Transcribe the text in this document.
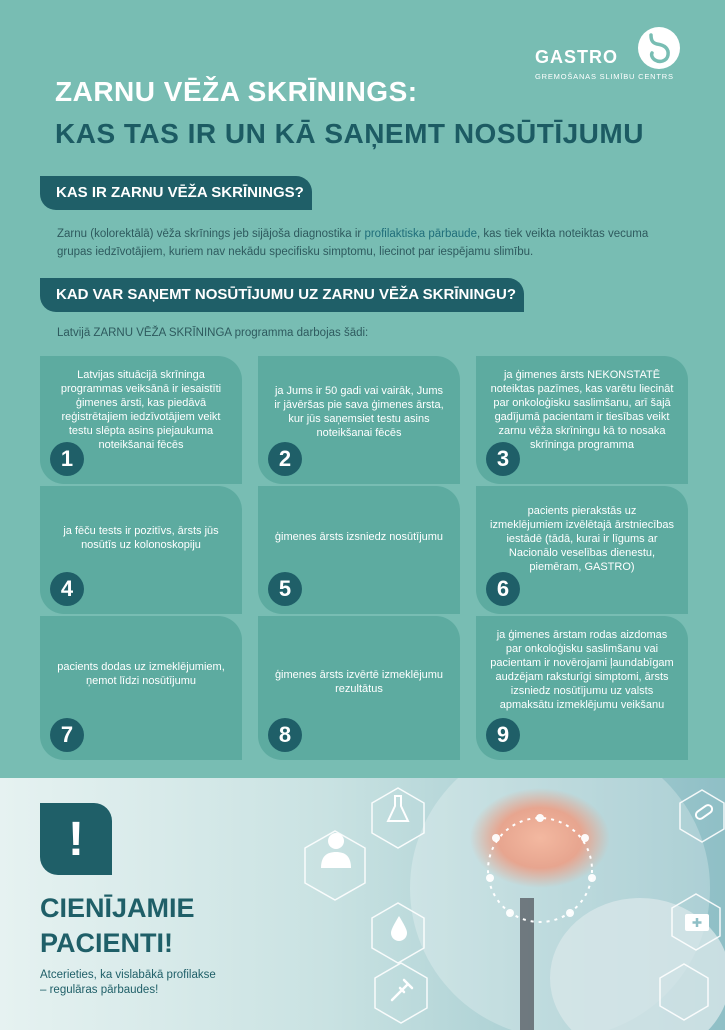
GASTRO
GREMOŠANAS SLIMĪBU CENTRS
ZARNU VĒŽA SKRĪNINGS:
KAS TAS IR UN KĀ SAŅEMT NOSŪTĪJUMU
KAS IR ZARNU VĒŽA SKRĪNINGS?
Zarnu (kolorektālā) vēža skrīnings jeb sijājoša diagnostika ir profilaktiska pārbaude, kas tiek veikta noteiktas vecuma grupas iedzīvotājiem, kuriem nav nekādu specifisku simptomu, liecinot par iespējamu slimību.
KAD VAR SAŅEMT NOSŪTĪJUMU UZ ZARNU VĒŽA SKRĪNINGU?
Latvijā ZARNU VĒŽA SKRĪNINGA programma darbojas šādi:
Latvijas situācijā skrīninga programmas veiksānā ir iesaistīti ģimenes ārsti, kas piedāvā reģistrētajiem iedzīvotājiem veikt testu slēpta asins piejaukuma noteikšanai fēcēs
1
ja Jums ir 50 gadi vai vairāk, Jums ir jāvēršas pie sava ģimenes ārsta, kur jūs saņemsiet testu asins noteikšanai fēcēs
2
ja ģimenes ārsts NEKONSTATĒ noteiktas pazīmes, kas varētu liecināt par onkoloģisku saslimšanu, arī šajā gadījumā pacientam ir tiesības veikt zarnu vēža skrīningu kā to nosaka skrīninga programma
3
ja fēču tests ir pozitīvs, ārsts jūs nosūtīs uz kolonoskopiju
4
ģimenes ārsts izsniedz nosūtījumu
5
pacients pierakstās uz izmeklējumiem izvēlētajā ārstniecības iestādē (tādā, kurai ir līgums ar Nacionālo veselības dienestu, piemēram, GASTRO)
6
pacients dodas uz izmeklējumiem, ņemot līdzi nosūtījumu
7
ģimenes ārsts izvērtē izmeklējumu rezultātus
8
ja ģimenes ārstam rodas aizdomas par onkoloģisku saslimšanu vai pacientam ir novērojami ļaundabīgam audzējam raksturīgi simptomi, ārsts izsniedz nosūtījumu uz valsts apmaksātu izmeklējumu veikšanu
9
!
CIENĪJAMIE
PACIENTI!
Atcerieties, ka vislabākā profilakse – regulāras pārbaudes!
